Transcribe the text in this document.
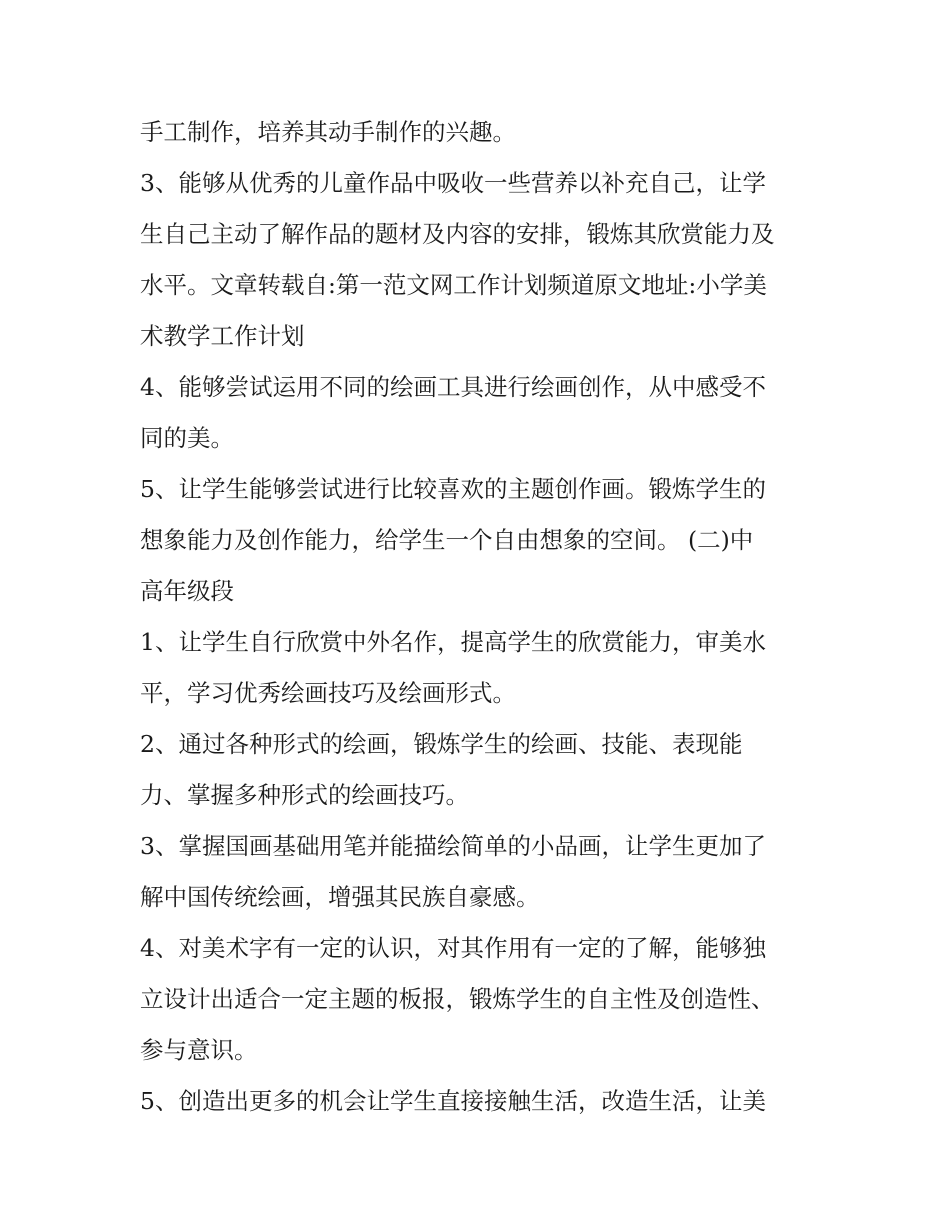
手工制作，培养其动手制作的兴趣。
3、能够从优秀的儿童作品中吸收一些营养以补充自己，让学
生自己主动了解作品的题材及内容的安排，锻炼其欣赏能力及
水平。文章转载自:第一范文网工作计划频道原文地址:小学美
术教学工作计划
4、能够尝试运用不同的绘画工具进行绘画创作，从中感受不
同的美。
5、让学生能够尝试进行比较喜欢的主题创作画。锻炼学生的
想象能力及创作能力，给学生一个自由想象的空间。 (二)中
高年级段
1、让学生自行欣赏中外名作，提高学生的欣赏能力，审美水
平，学习优秀绘画技巧及绘画形式。
2、通过各种形式的绘画，锻炼学生的绘画、技能、表现能
力、掌握多种形式的绘画技巧。
3、掌握国画基础用笔并能描绘简单的小品画，让学生更加了
解中国传统绘画，增强其民族自豪感。
4、对美术字有一定的认识，对其作用有一定的了解，能够独
立设计出适合一定主题的板报，锻炼学生的自主性及创造性、
参与意识。
5、创造出更多的机会让学生直接接触生活，改造生活，让美
